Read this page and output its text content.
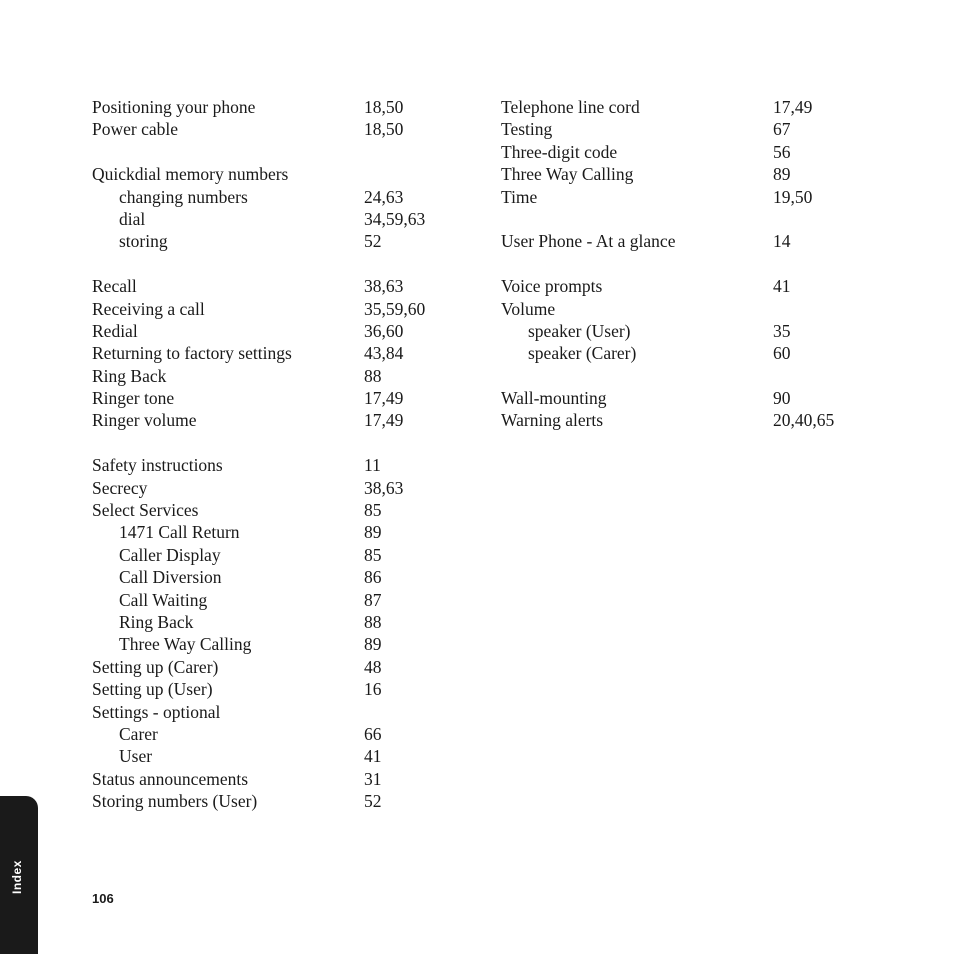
Positioning your phone	18,50
Power cable	18,50
Quickdial memory numbers
changing numbers	24,63
dial	34,59,63
storing	52
Recall	38,63
Receiving a call	35,59,60
Redial	36,60
Returning to factory settings	43,84
Ring Back	88
Ringer tone	17,49
Ringer volume	17,49
Safety instructions	11
Secrecy	38,63
Select Services	85
1471 Call Return	89
Caller Display	85
Call Diversion	86
Call Waiting	87
Ring Back	88
Three Way Calling	89
Setting up (Carer)	48
Setting up (User)	16
Settings - optional
Carer	66
User	41
Status announcements	31
Storing numbers (User)	52
Telephone line cord	17,49
Testing	67
Three-digit code	56
Three Way Calling	89
Time	19,50
User Phone - At a glance	14
Voice prompts	41
Volume
speaker (User)	35
speaker (Carer)	60
Wall-mounting	90
Warning alerts	20,40,65
Index
106
